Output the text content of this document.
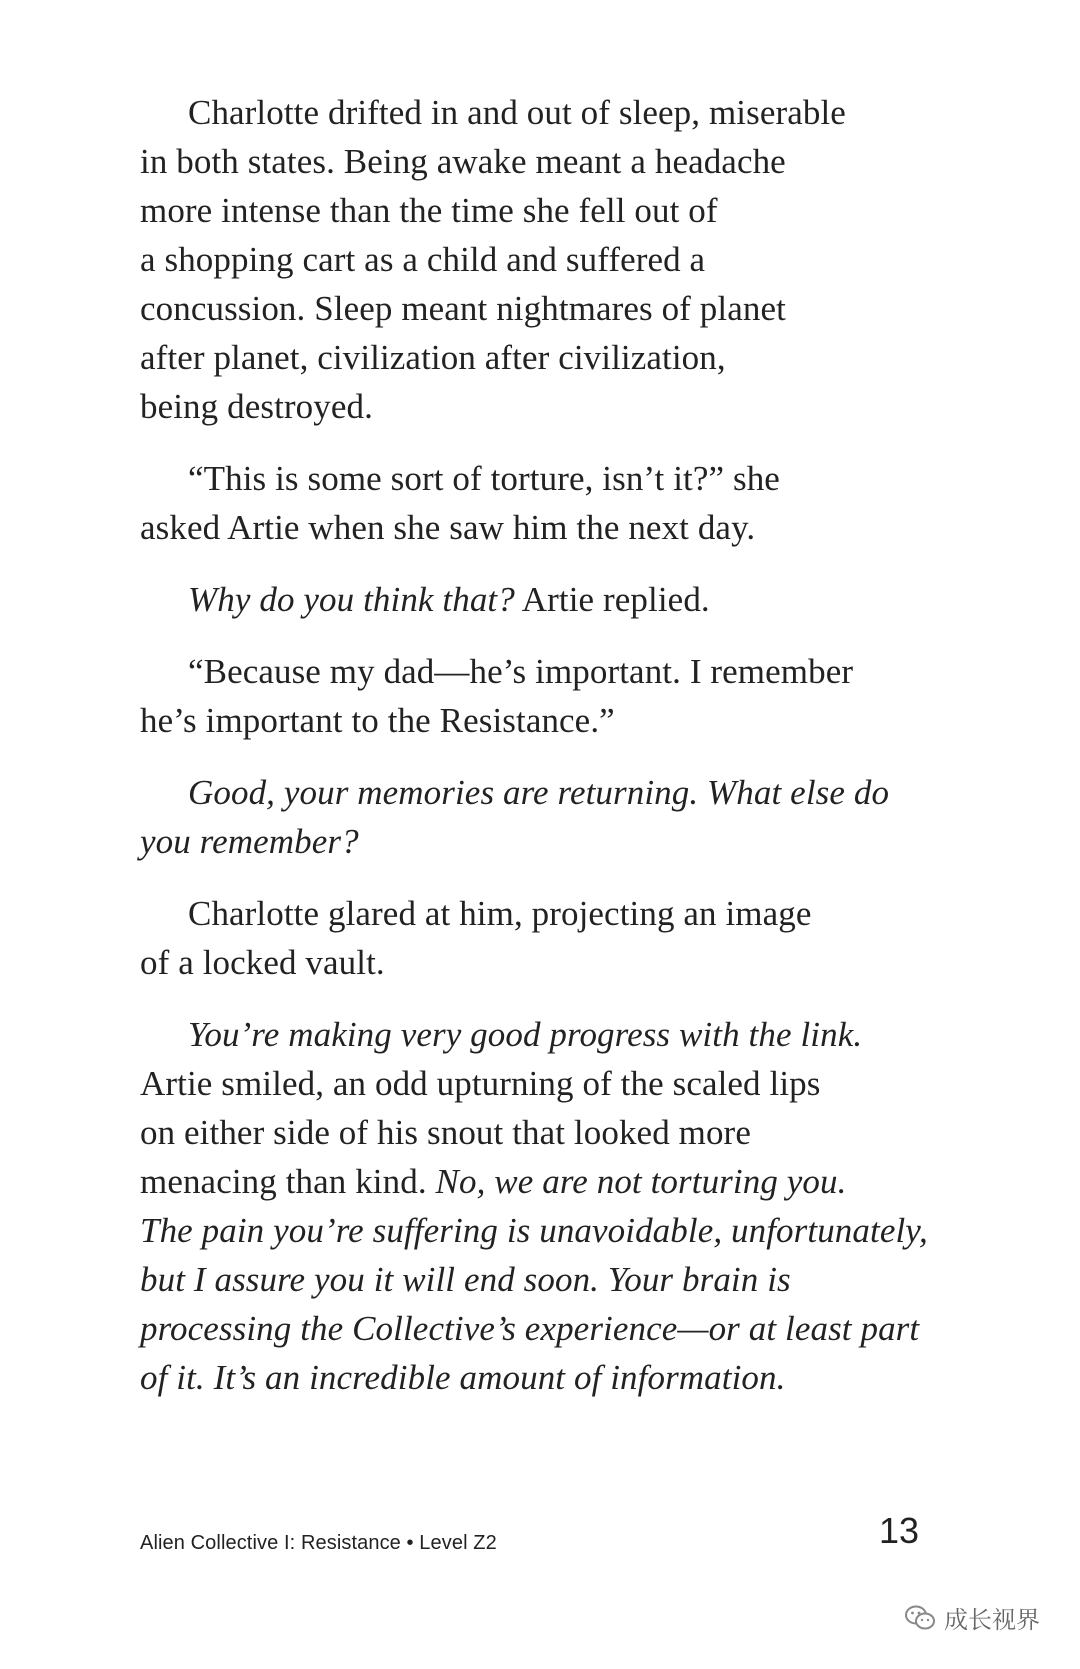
Charlotte drifted in and out of sleep, miserable
in both states. Being awake meant a headache
more intense than the time she fell out of
a shopping cart as a child and suffered a
concussion. Sleep meant nightmares of planet
after planet, civilization after civilization,
being destroyed.
“This is some sort of torture, isn’t it?” she
asked Artie when she saw him the next day.
Why do you think that? Artie replied.
“Because my dad—he’s important. I remember
he’s important to the Resistance.”
Good, your memories are returning. What else do
you remember?
Charlotte glared at him, projecting an image
of a locked vault.
You’re making very good progress with the link.
Artie smiled, an odd upturning of the scaled lips
on either side of his snout that looked more
menacing than kind. No, we are not torturing you.
The pain you’re suffering is unavoidable, unfortunately,
but I assure you it will end soon. Your brain is
processing the Collective’s experience—or at least part
of it. It’s an incredible amount of information.
Alien Collective I: Resistance • Level Z2	13
成长视界
